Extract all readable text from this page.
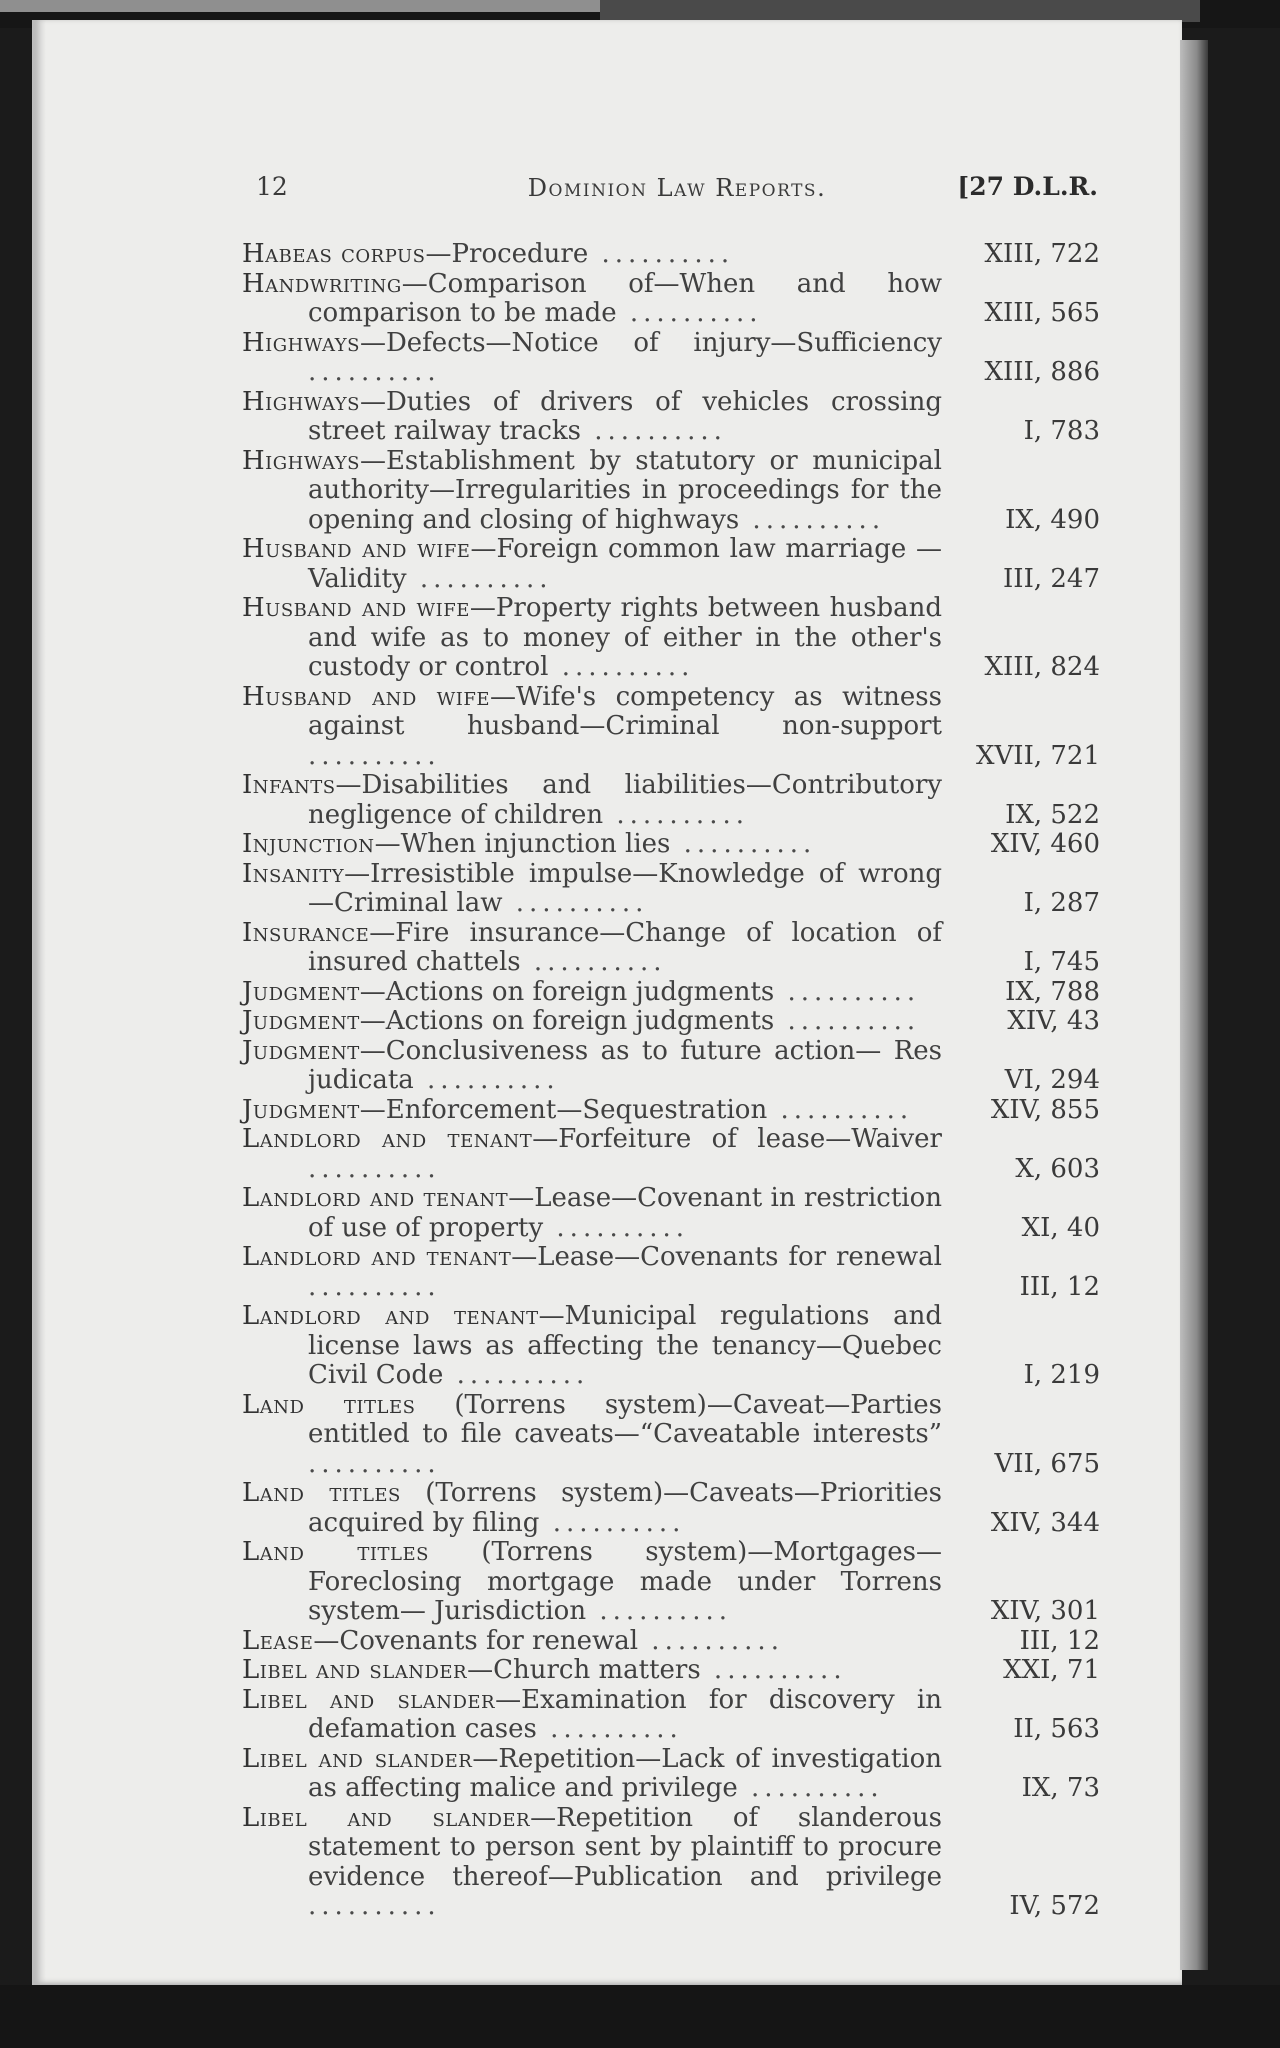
12	Dominion Law Reports.	[27 D.L.R.
Habeas corpus—Procedure ..........	XIII, 722
Handwriting—Comparison of—When and how comparison to be made ..........	XIII, 565
Highways—Defects—Notice of injury—Sufficiency ..........	XIII, 886
Highways—Duties of drivers of vehicles crossing street railway tracks ..........	I, 783
Highways—Establishment by statutory or municipal authority—Irregularities in proceedings for the opening and closing of highways ..........	IX, 490
Husband and wife—Foreign common law marriage —Validity ..........	III, 247
Husband and wife—Property rights between husband and wife as to money of either in the other's custody or control ..........	XIII, 824
Husband and wife—Wife's competency as witness against husband—Criminal non-support ..........	XVII, 721
Infants—Disabilities and liabilities—Contributory negligence of children ..........	IX, 522
Injunction—When injunction lies ..........	XIV, 460
Insanity—Irresistible impulse—Knowledge of wrong —Criminal law ..........	I, 287
Insurance—Fire insurance—Change of location of insured chattels ..........	I, 745
Judgment—Actions on foreign judgments ..........	IX, 788
Judgment—Actions on foreign judgments ..........	XIV, 43
Judgment—Conclusiveness as to future action— Res judicata ..........	VI, 294
Judgment—Enforcement—Sequestration ..........	XIV, 855
Landlord and tenant—Forfeiture of lease—Waiver ..........	X, 603
Landlord and tenant—Lease—Covenant in restriction of use of property ..........	XI, 40
Landlord and tenant—Lease—Covenants for renewal ..........	III, 12
Landlord and tenant—Municipal regulations and license laws as affecting the tenancy—Quebec Civil Code ..........	I, 219
Land titles (Torrens system)—Caveat—Parties entitled to file caveats—“Caveatable interests” ..........	VII, 675
Land titles (Torrens system)—Caveats—Priorities acquired by filing ..........	XIV, 344
Land titles (Torrens system)—Mortgages—Foreclosing mortgage made under Torrens system— Jurisdiction ..........	XIV, 301
Lease—Covenants for renewal ..........	III, 12
Libel and slander—Church matters ..........	XXI, 71
Libel and slander—Examination for discovery in defamation cases ..........	II, 563
Libel and slander—Repetition—Lack of investigation as affecting malice and privilege ..........	IX, 73
Libel and slander—Repetition of slanderous statement to person sent by plaintiff to procure evidence thereof—Publication and privilege ..........	IV, 572
